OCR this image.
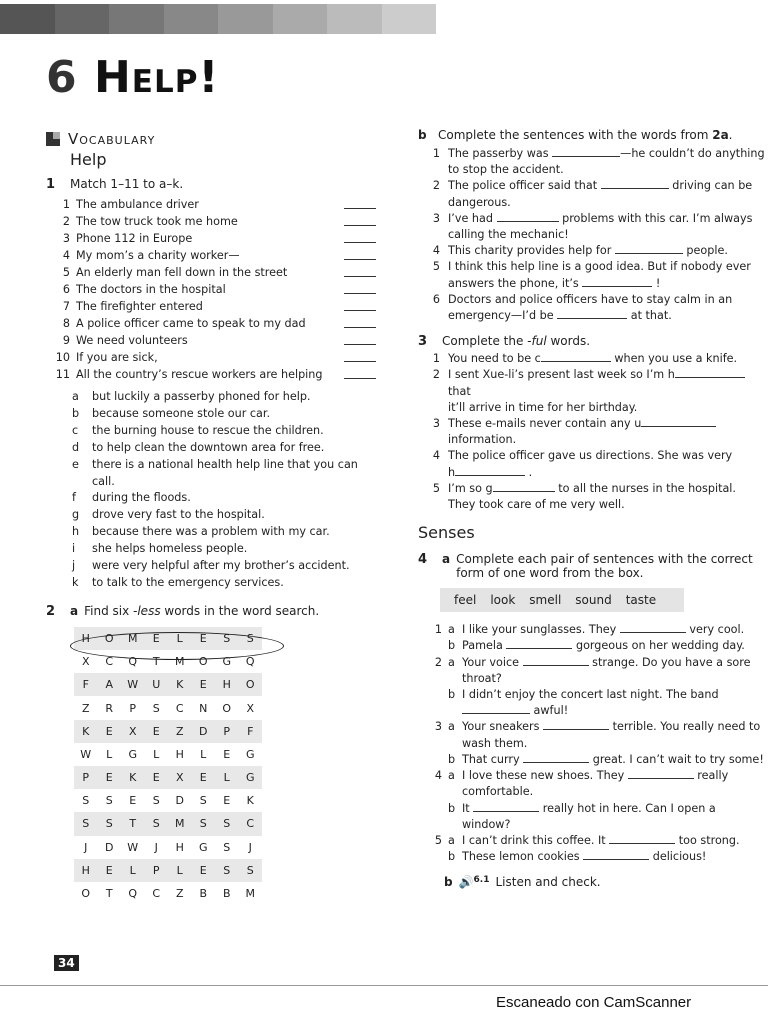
6 Help!
Vocabulary
Help
1	Match 1–11 to a–k.
1 The ambulance driver
2 The tow truck took me home
3 Phone 112 in Europe
4 My mom’s a charity worker—
5 An elderly man fell down in the street
6 The doctors in the hospital
7 The firefighter entered
8 A police officer came to speak to my dad
9 We need volunteers
10 If you are sick,
11 All the country’s rescue workers are helping
a	but luckily a passerby phoned for help.
b	because someone stole our car.
c	the burning house to rescue the children.
d	to help clean the downtown area for free.
e	there is a national health help line that you can call.
f	during the floods.
g	drove very fast to the hospital.
h	because there was a problem with my car.
i	she helps homeless people.
j	were very helpful after my brother’s accident.
k	to talk to the emergency services.
2	a Find six -less words in the word search.
H	O	M	E	L	E	S	S
X	C	Q	T	M	O	G	Q
F	A	W	U	K	E	H	O
Z	R	P	S	C	N	O	X
K	E	X	E	Z	D	P	F
W	L	G	L	H	L	E	G
P	E	K	E	X	E	L	G
S	S	E	S	D	S	E	K
S	S	T	S	M	S	S	C
J	D	W	J	H	G	S	J
H	E	L	P	L	E	S	S
O	T	Q	C	Z	B	B	M
b Complete the sentences with the words from 2a.
1 The passerby was	—he couldn’t do anything
to stop the accident.
2 The police officer said that	driving can be
dangerous.
3 I’ve had	problems with this car. I’m always
calling the mechanic!
4 This charity provides help for	people.
5 I think this help line is a good idea. But if nobody ever
answers the phone, it’s	!
6 Doctors and police officers have to stay calm in an
emergency—I’d be	at that.
3	Complete the -ful words.
1 You need to be c	when you use a knife.
2 I sent Xue-li’s present last week so I’m h that
it’ll arrive in time for her birthday.
3 These e-mails never contain any u
information.
4 The police officer gave us directions. She was very
h	.
5 I’m so g	to all the nurses in the hospital.
They took care of me very well.
Senses
4	a Complete each pair of sentences with the correct
form of one word from the box.
feel look smell sound taste
1 a I like your sunglasses. They	very cool.
b Pamela	gorgeous on her wedding day.
2 a Your voice	strange. Do you have a sore
throat?
b I didn’t enjoy the concert last night. The band
awful!
3 a Your sneakers	terrible. You really need to
wash them.
b That curry	great. I can’t wait to try some!
4 a I love these new shoes. They	really
comfortable.
b It	really hot in here. Can I open a
window?
5 a I can’t drink this coffee. It	too strong.
b These lemon cookies	delicious!
b 🔊 6.1 Listen and check.
34
Escaneado con CamScanner
